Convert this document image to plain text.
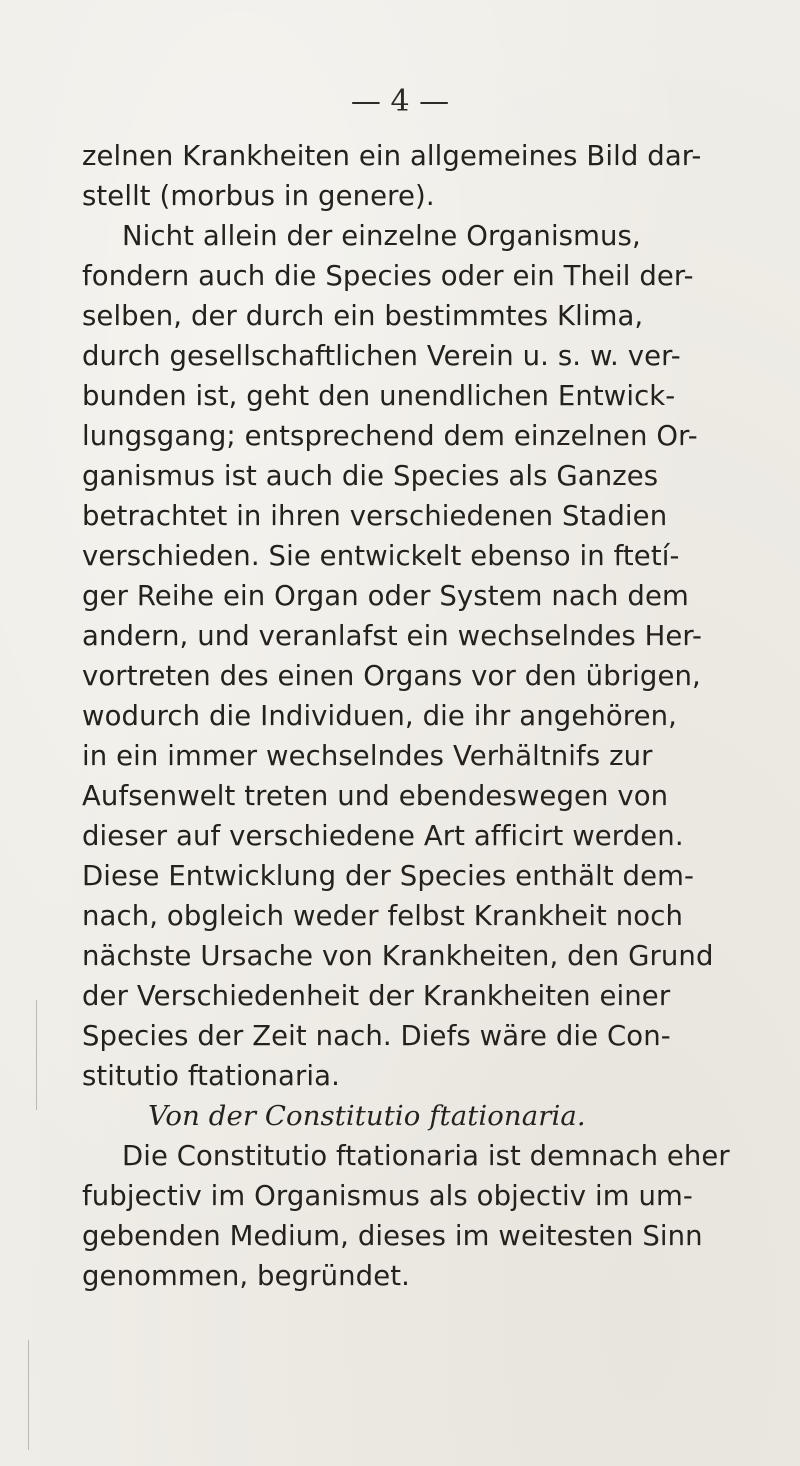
— 4 —
zelnen Krankheiten ein allgemeines Bild dar-
stellt (morbus in genere).
Nicht allein der einzelne Organismus,
fondern auch die Species oder ein Theil der-
selben, der durch ein bestimmtes Klima,
durch gesellschaftlichen Verein u. s. w. ver-
bunden ist, geht den unendlichen Entwick-
lungsgang; entsprechend dem einzelnen Or-
ganismus ist auch die Species als Ganzes
betrachtet in ihren verschiedenen Stadien
verschieden. Sie entwickelt ebenso in ftetí-
ger Reihe ein Organ oder System nach dem
andern, und veranlafst ein wechselndes Her-
vortreten des einen Organs vor den übrigen,
wodurch die Individuen, die ihr angehören,
in ein immer wechselndes Verhältnifs zur
Aufsenwelt treten und ebendeswegen von
dieser auf verschiedene Art afficirt werden.
Diese Entwicklung der Species enthält dem-
nach, obgleich weder felbst Krankheit noch
nächste Ursache von Krankheiten, den Grund
der Verschiedenheit der Krankheiten einer
Species der Zeit nach. Diefs wäre die Con-
stitutio ftationaria.
Von der Constitutio ftationaria.
Die Constitutio ftationaria ist demnach eher
fubjectiv im Organismus als objectiv im um-
gebenden Medium, dieses im weitesten Sinn
genommen, begründet.
